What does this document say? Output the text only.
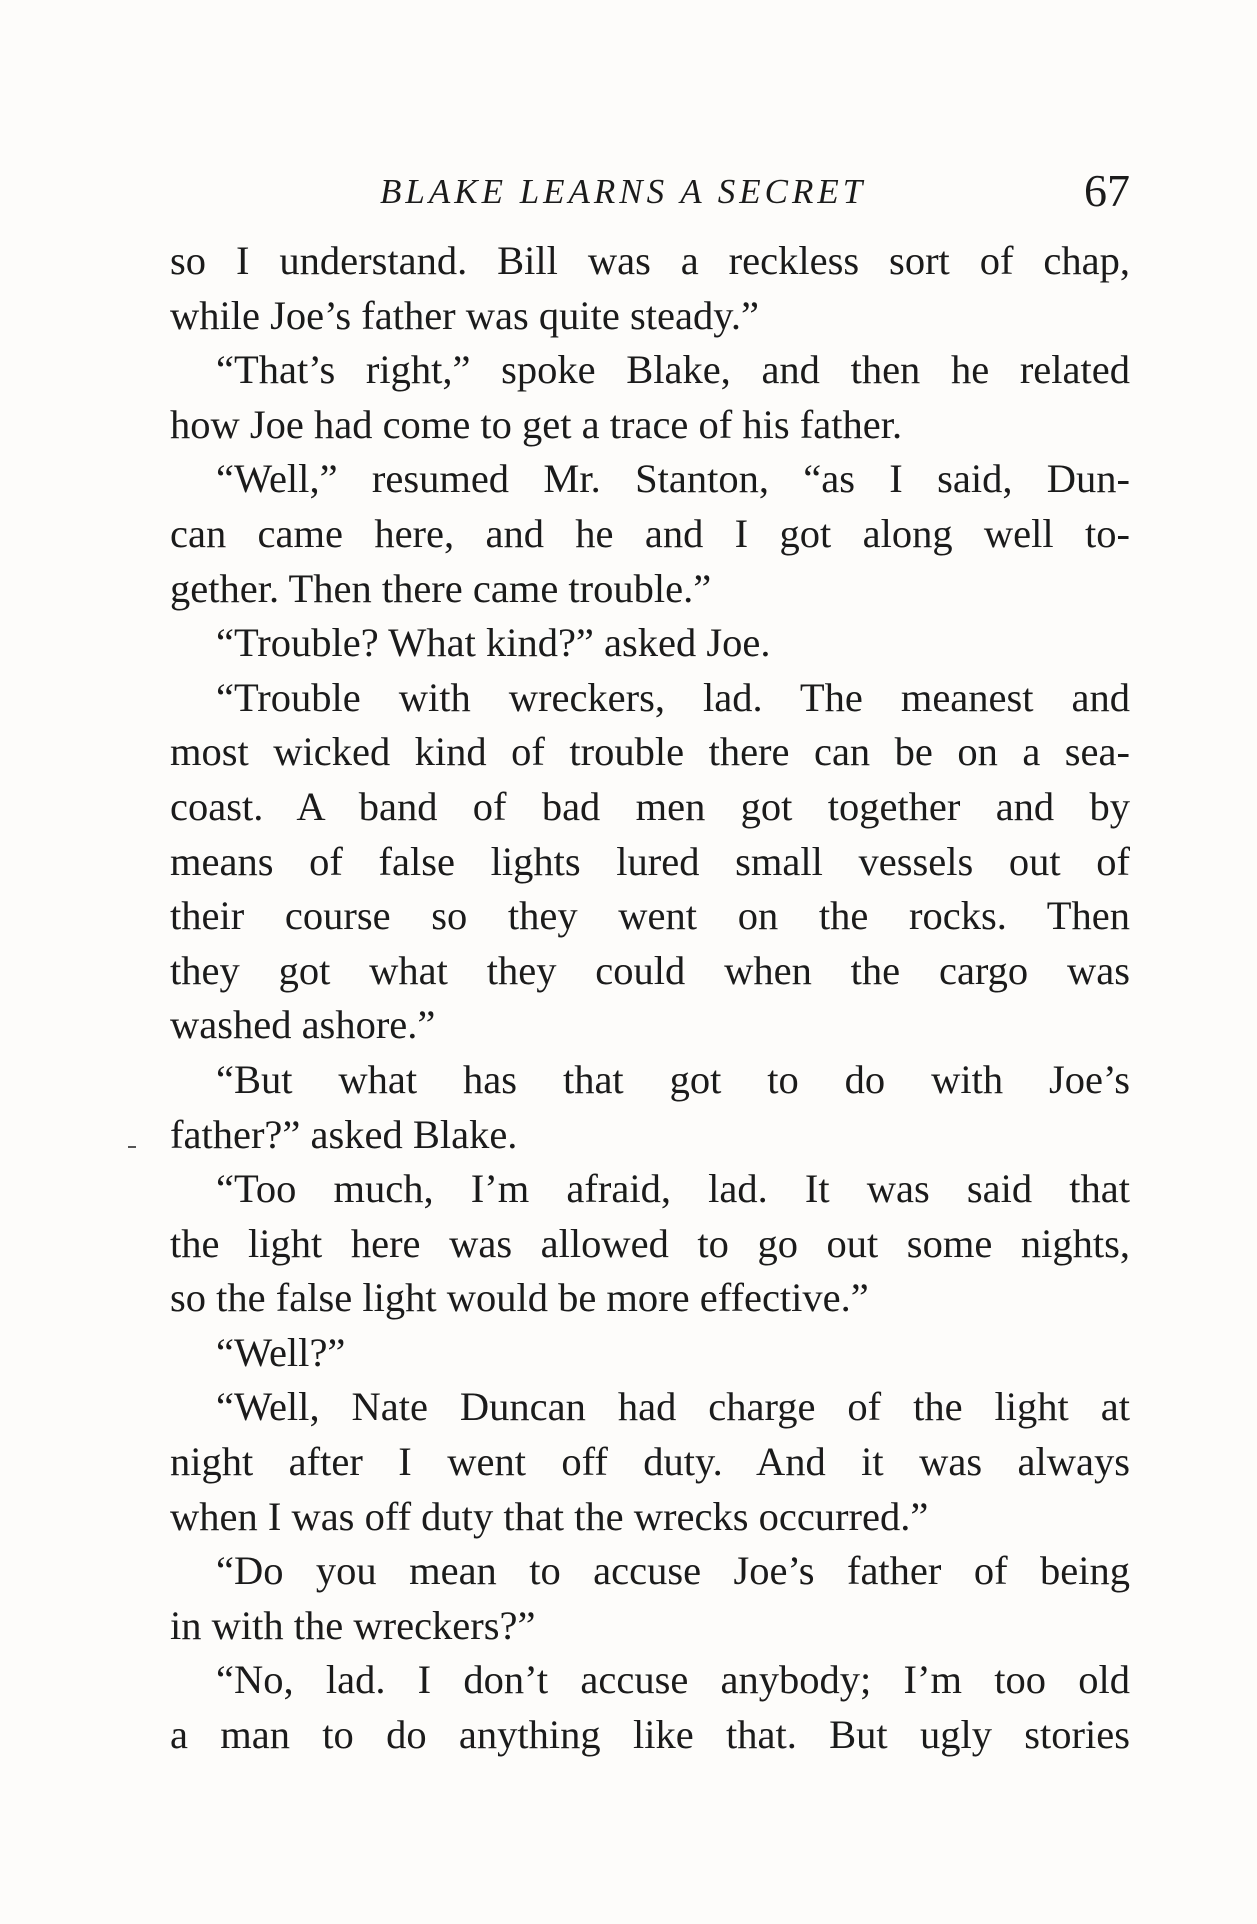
BLAKE LEARNS A SECRET	67
so I understand. Bill was a reckless sort of chap,
while Joe’s father was quite steady.”
“That’s right,” spoke Blake, and then he related
how Joe had come to get a trace of his father.
“Well,” resumed Mr. Stanton, “as I said, Dun-
can came here, and he and I got along well to-
gether. Then there came trouble.”
“Trouble? What kind?” asked Joe.
“Trouble with wreckers, lad. The meanest and
most wicked kind of trouble there can be on a sea-
coast. A band of bad men got together and by
means of false lights lured small vessels out of
their course so they went on the rocks. Then
they got what they could when the cargo was
washed ashore.”
“But what has that got to do with Joe’s
father?” asked Blake.
“Too much, I’m afraid, lad. It was said that
the light here was allowed to go out some nights,
so the false light would be more effective.”
“Well?”
“Well, Nate Duncan had charge of the light at
night after I went off duty. And it was always
when I was off duty that the wrecks occurred.”
“Do you mean to accuse Joe’s father of being
in with the wreckers?”
“No, lad. I don’t accuse anybody; I’m too old
a man to do anything like that. But ugly stories
